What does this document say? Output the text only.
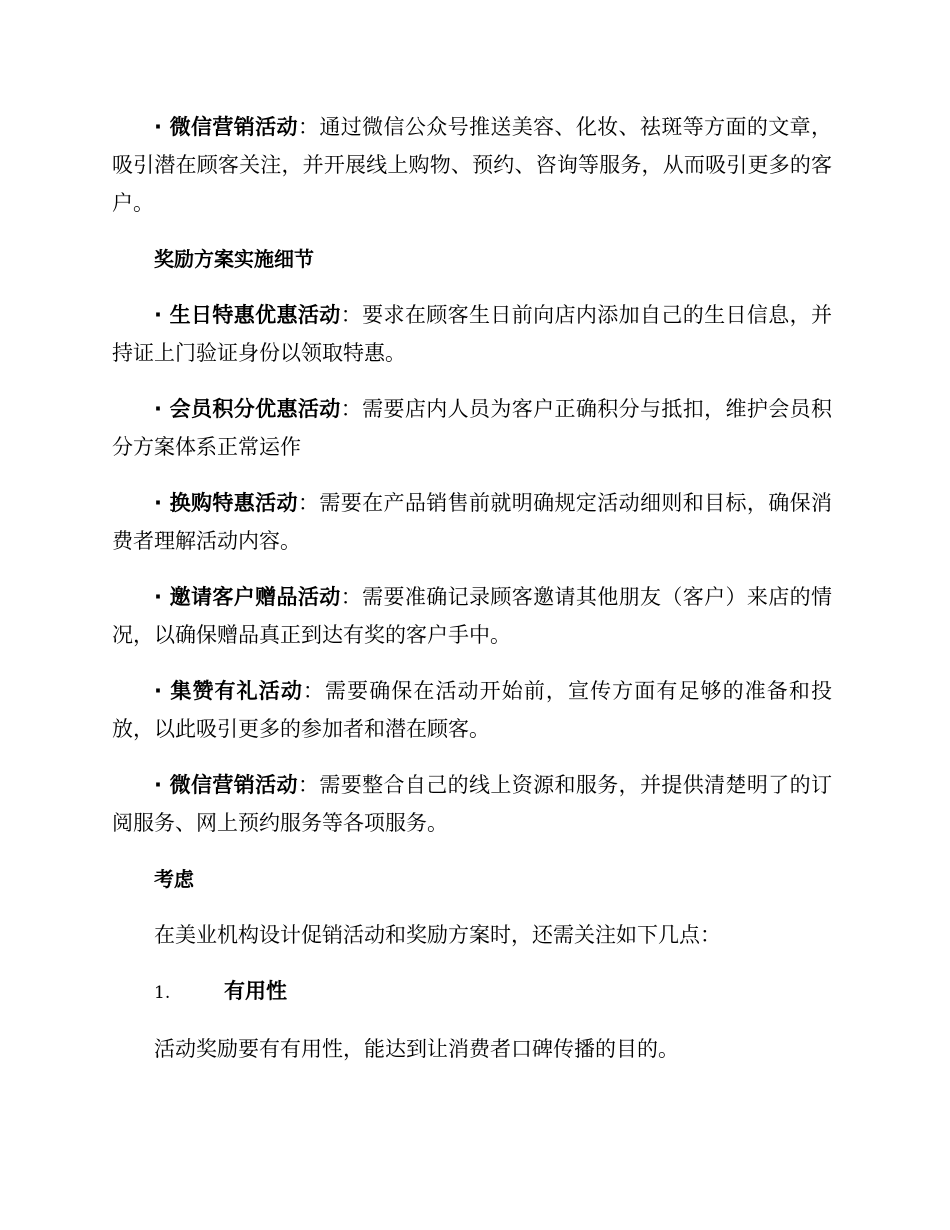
· 微信营销活动：通过微信公众号推送美容、化妆、祛斑等方面的文章，吸引潜在顾客关注，并开展线上购物、预约、咨询等服务，从而吸引更多的客户。

奖励方案实施细节

· 生日特惠优惠活动：要求在顾客生日前向店内添加自己的生日信息，并持证上门验证身份以领取特惠。

· 会员积分优惠活动：需要店内人员为客户正确积分与抵扣，维护会员积分方案体系正常运作

· 换购特惠活动：需要在产品销售前就明确规定活动细则和目标，确保消费者理解活动内容。

· 邀请客户赠品活动：需要准确记录顾客邀请其他朋友（客户）来店的情况，以确保赠品真正到达有奖的客户手中。

· 集赞有礼活动：需要确保在活动开始前，宣传方面有足够的准备和投放，以此吸引更多的参加者和潜在顾客。

· 微信营销活动：需要整合自己的线上资源和服务，并提供清楚明了的订阅服务、网上预约服务等各项服务。

考虑

在美业机构设计促销活动和奖励方案时，还需关注如下几点：

1.	有用性

活动奖励要有有用性，能达到让消费者口碑传播的目的。
